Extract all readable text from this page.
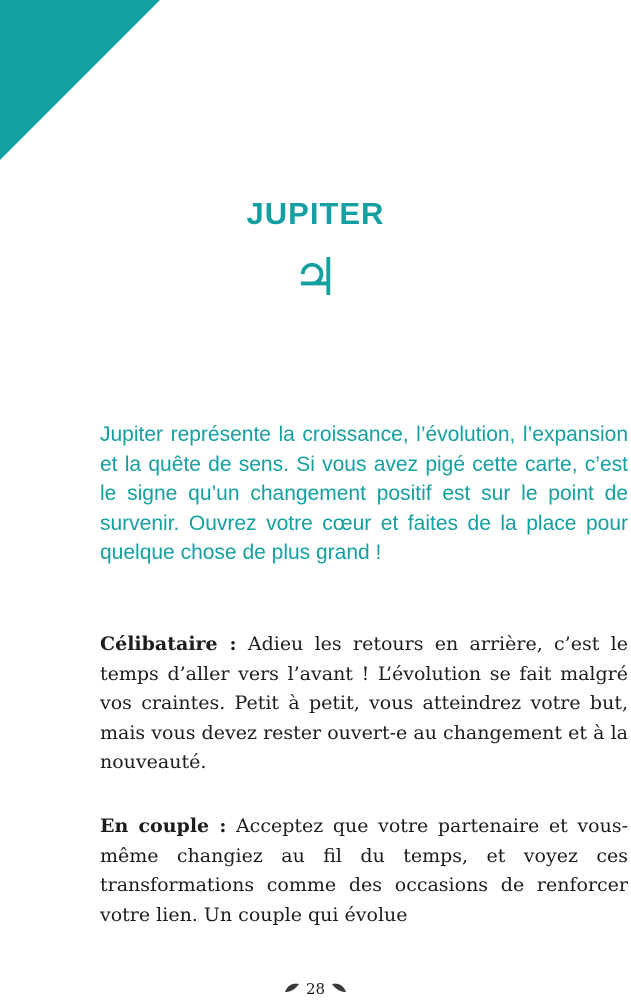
JUPITER
♃

Jupiter représente la croissance, l’évolution, l’expansion et la quête de sens. Si vous avez pigé cette carte, c’est le signe qu’un changement positif est sur le point de survenir. Ouvrez votre cœur et faites de la place pour quelque chose de plus grand !

Célibataire : Adieu les retours en arrière, c’est le temps d’aller vers l’avant ! L’évolution se fait malgré vos craintes. Petit à petit, vous atteindrez votre but, mais vous devez rester ouvert-e au changement et à la nouveauté.

En couple : Acceptez que votre partenaire et vous-même changiez au fil du temps, et voyez ces transformations comme des occasions de renforcer votre lien. Un couple qui évolue

28
